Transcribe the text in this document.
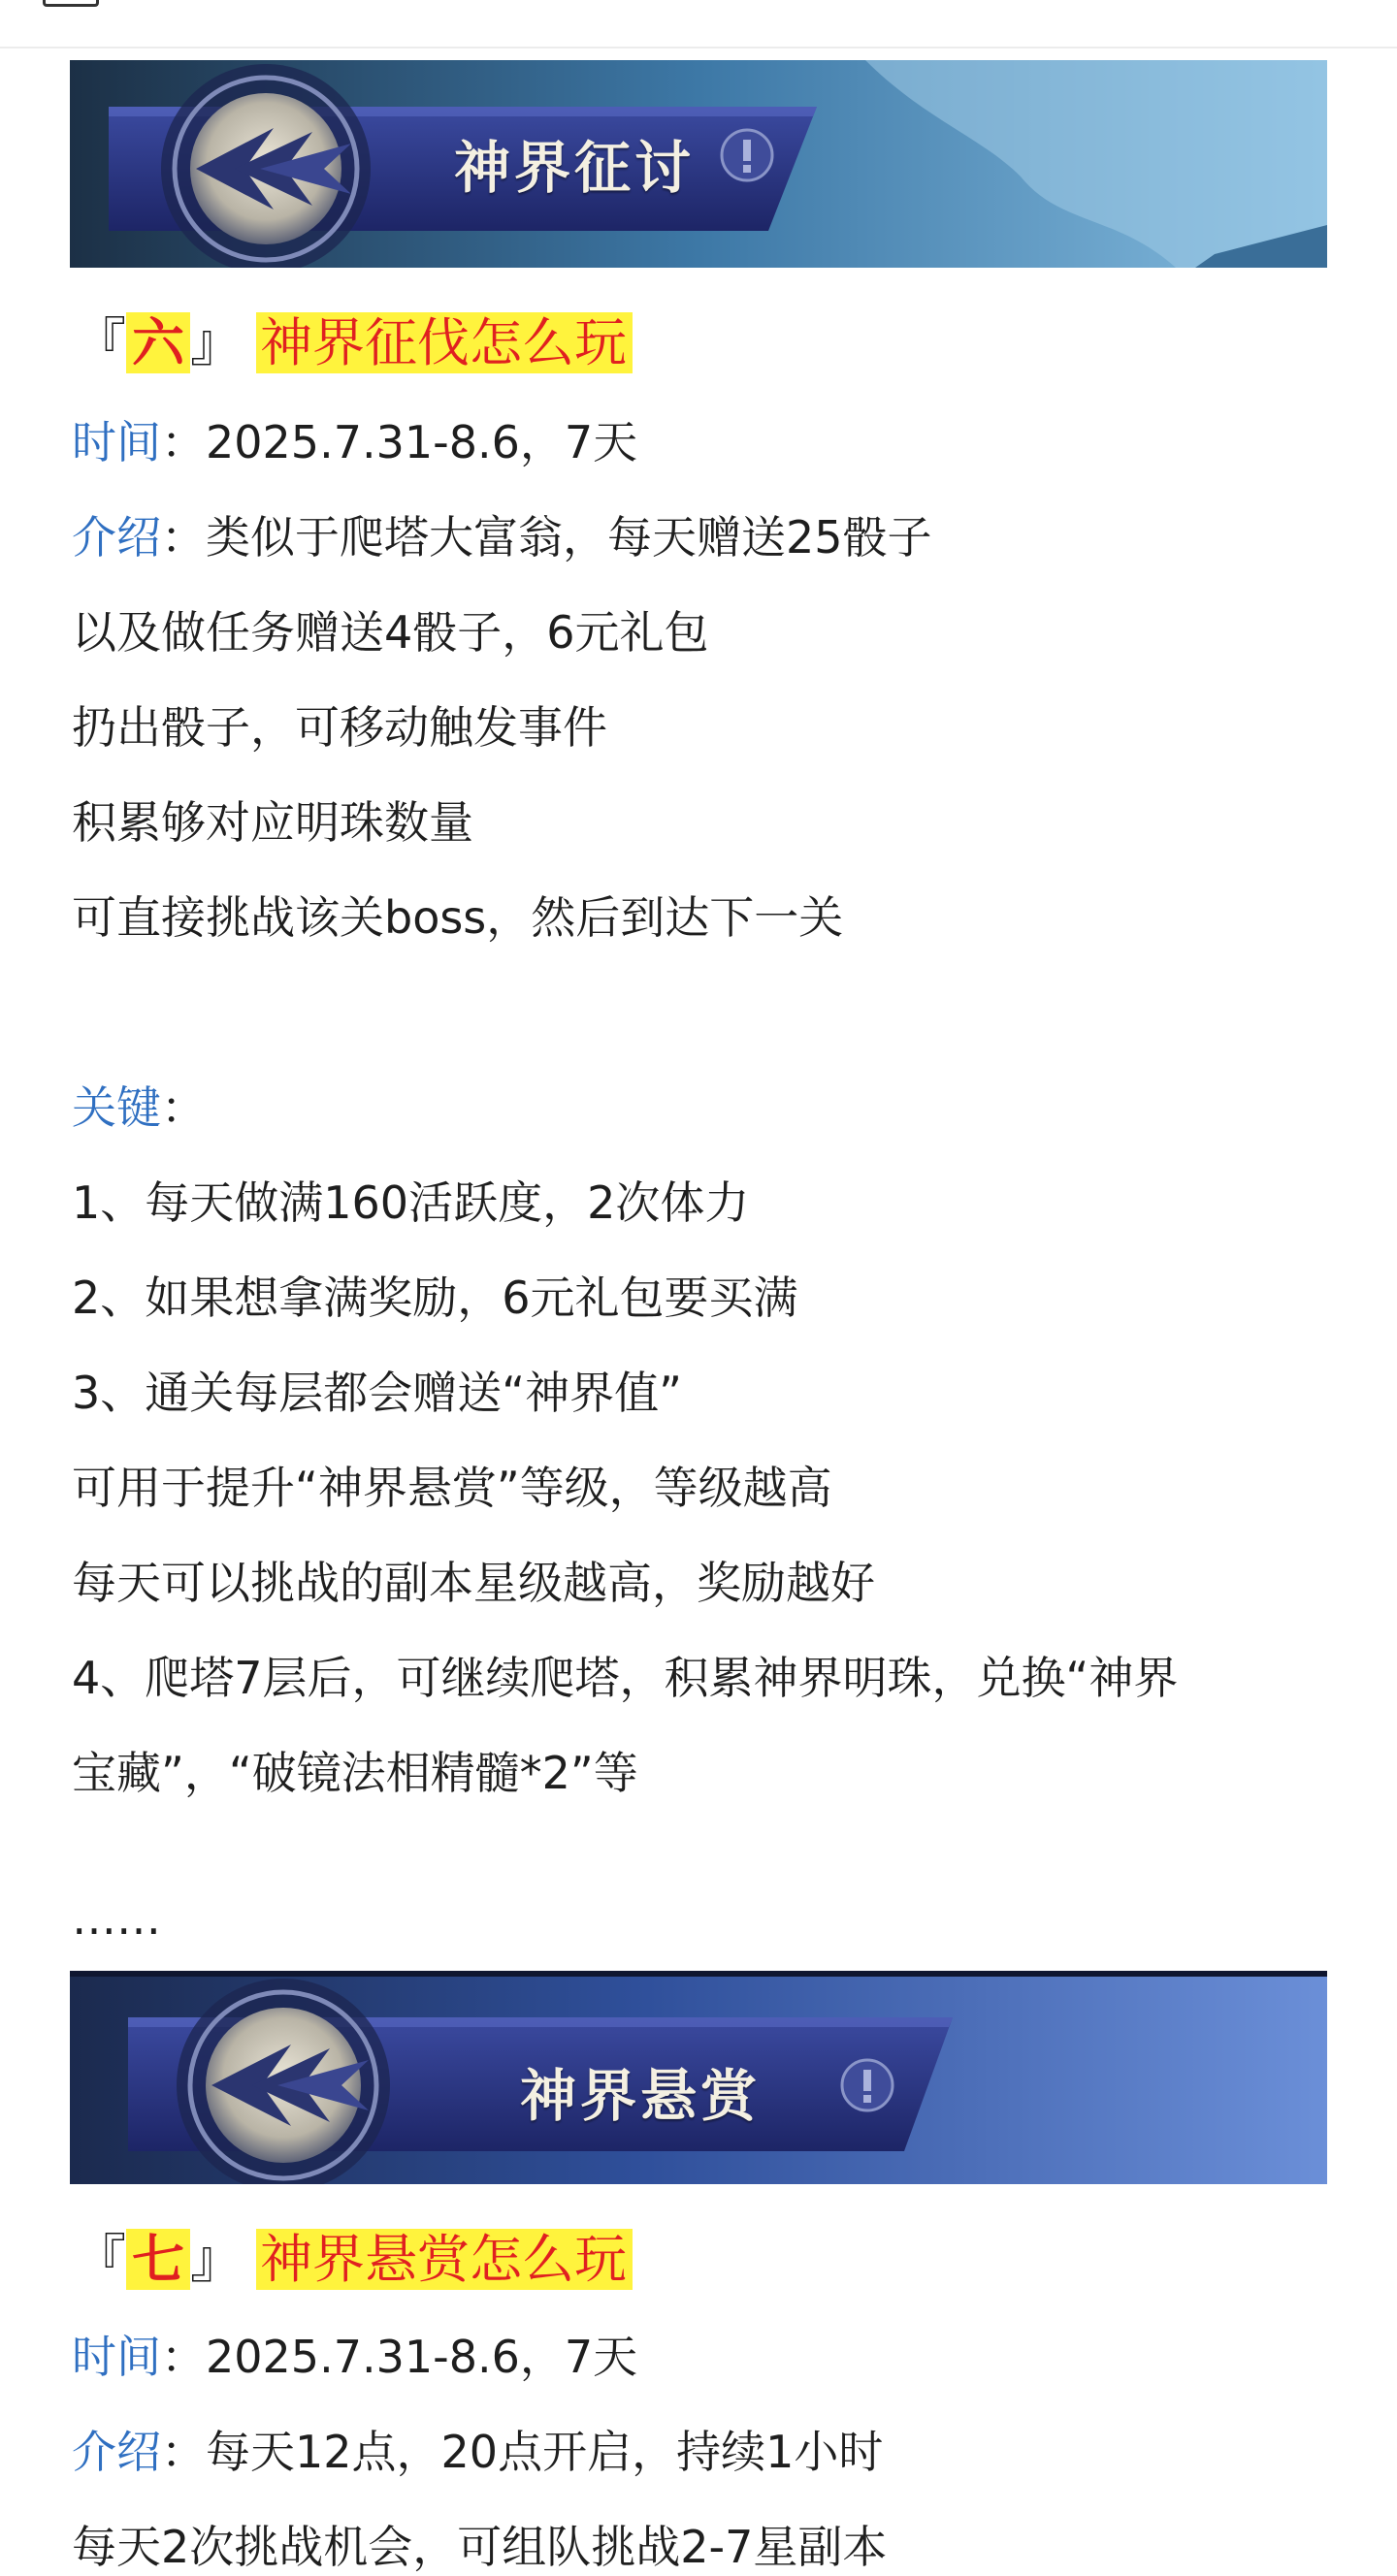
神界征讨
『 六 』 神界征伐怎么玩
时间：2025.7.31-8.6，7天
介绍：类似于爬塔大富翁，每天赠送25骰子
以及做任务赠送4骰子，6元礼包
扔出骰子，可移动触发事件
积累够对应明珠数量
可直接挑战该关boss，然后到达下一关
关键：
1、每天做满160活跃度，2次体力
2、如果想拿满奖励，6元礼包要买满
3、通关每层都会赠送“神界值”
可用于提升“神界悬赏”等级，等级越高
每天可以挑战的副本星级越高，奖励越好
4、爬塔7层后，可继续爬塔，积累神界明珠，兑换“神界
宝藏”，“破镜法相精髓*2”等
……
神界悬赏
『 七 』 神界悬赏怎么玩
时间：2025.7.31-8.6，7天
介绍：每天12点，20点开启，持续1小时
每天2次挑战机会，可组队挑战2-7星副本
